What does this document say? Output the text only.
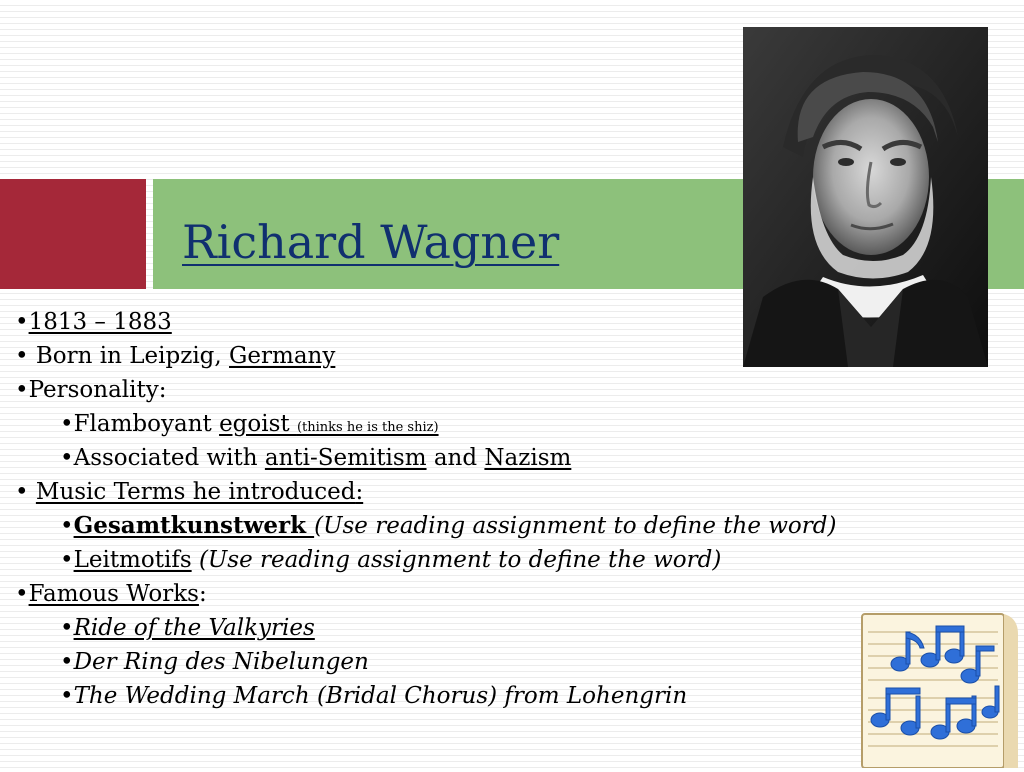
Richard Wagner
•1813 – 1883
• Born in Leipzig, Germany
•Personality:
•Flamboyant egoist (thinks he is the shiz)
•Associated with anti-Semitism and Nazism
• Music Terms he introduced:
•Gesamtkunstwerk (Use reading assignment to define the word)
•Leitmotifs (Use reading assignment to define the word)
•Famous Works:
•Ride of the Valkyries
•Der Ring des Nibelungen
•The Wedding March (Bridal Chorus) from Lohengrin
